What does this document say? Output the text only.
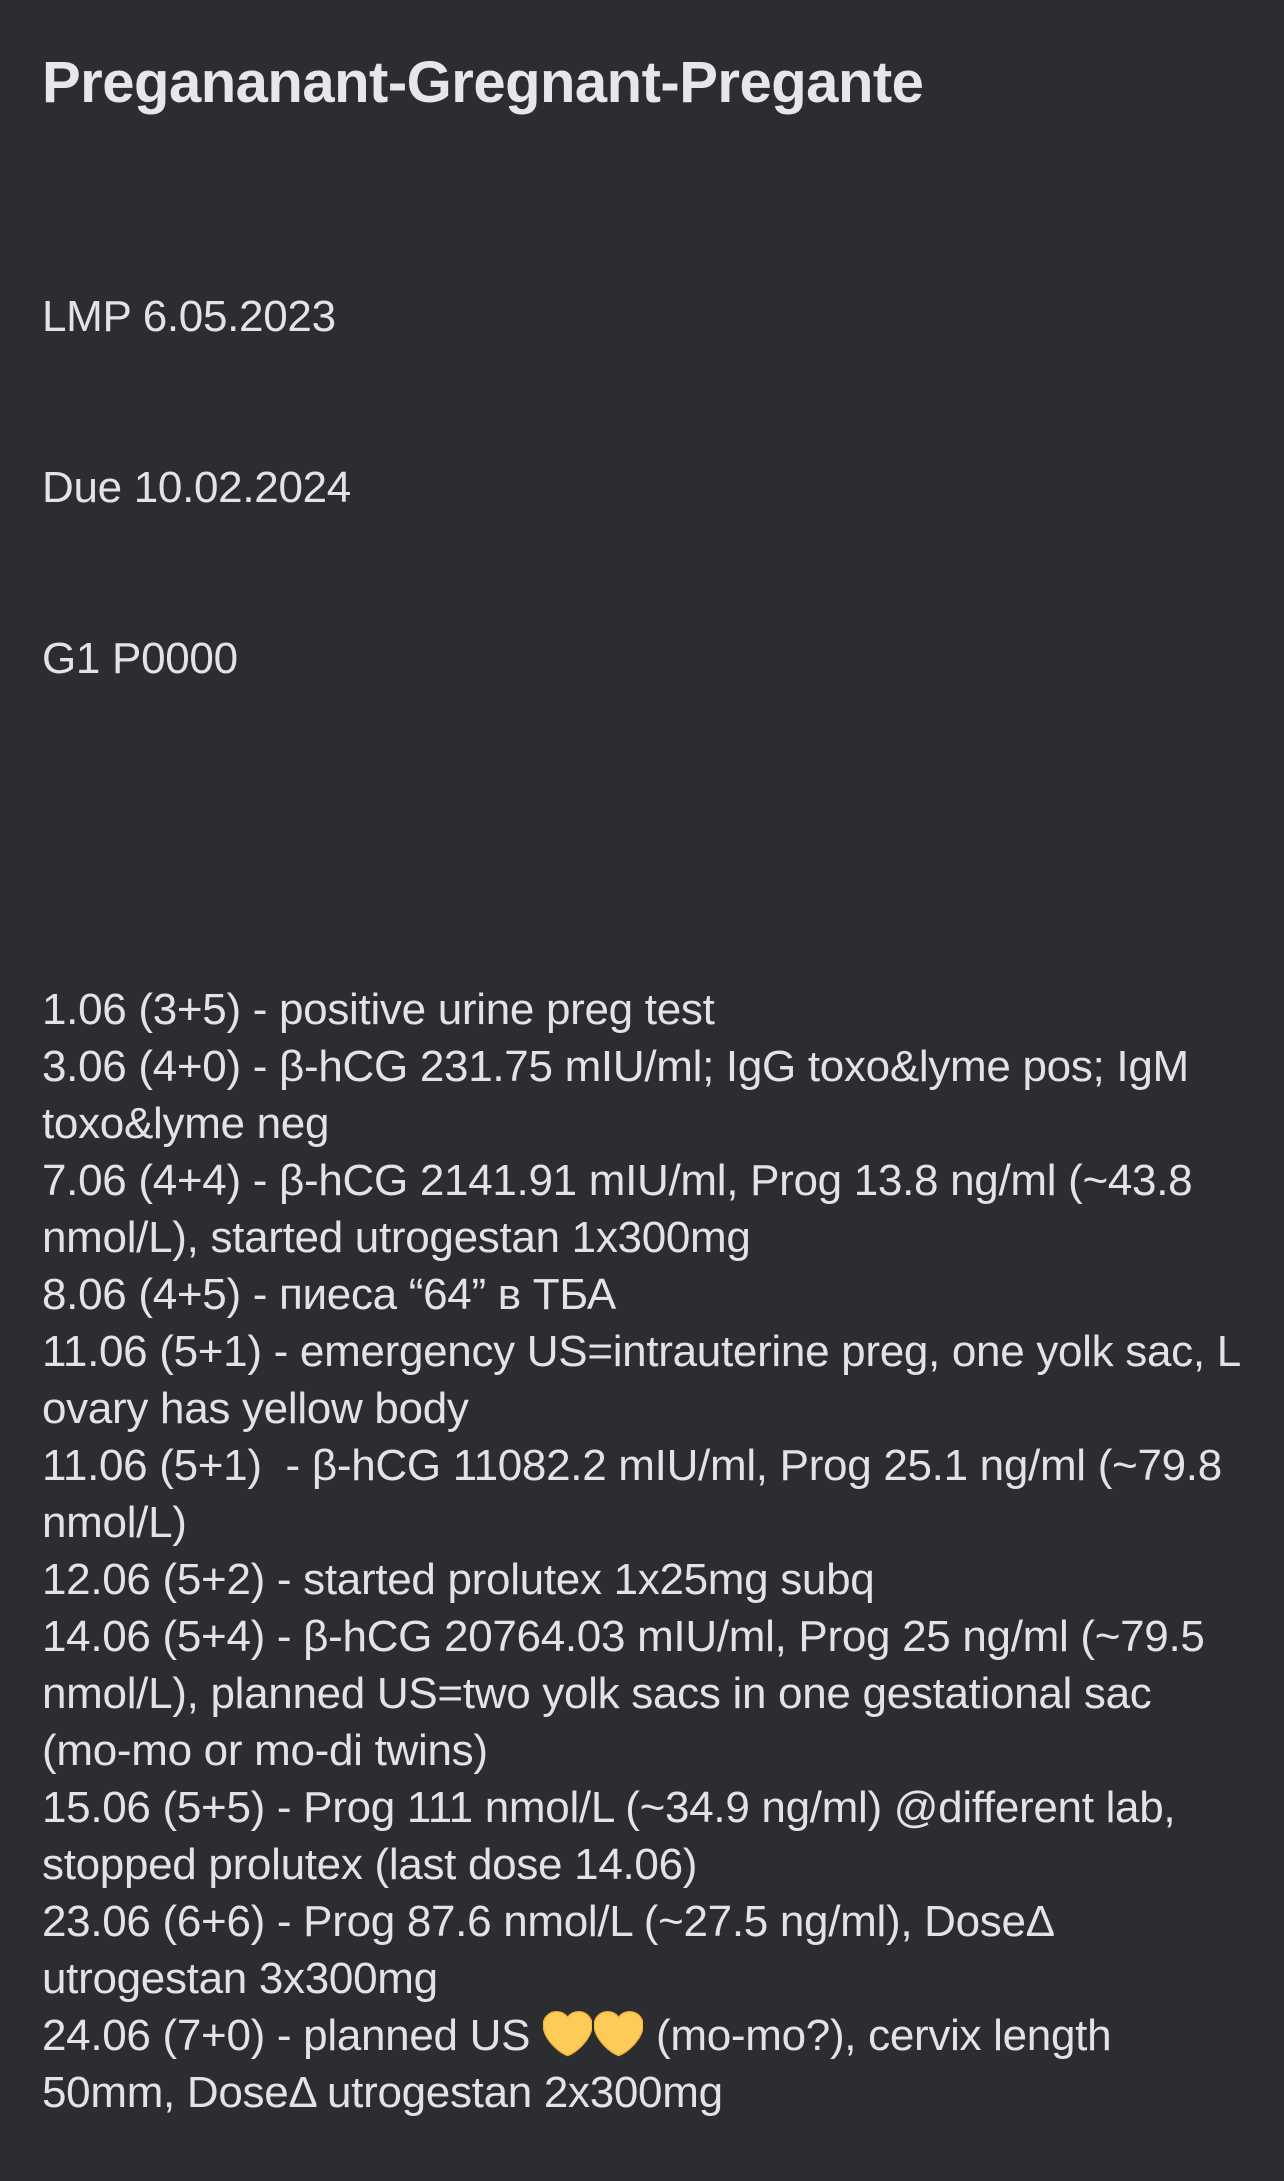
Pregananant-Gregnant-Pregante

LMP 6.05.2023

Due 10.02.2024

G1 P0000

1.06 (3+5) - positive urine preg test
3.06 (4+0) - β-hCG 231.75 mIU/ml; IgG toxo&lyme pos; IgM toxo&lyme neg
7.06 (4+4) - β-hCG 2141.91 mIU/ml, Prog 13.8 ng/ml (~43.8 nmol/L), started utrogestan 1x300mg
8.06 (4+5) - пиеса “64” в ТБА
11.06 (5+1) - emergency US=intrauterine preg, one yolk sac, L ovary has yellow body
11.06 (5+1)  - β-hCG 11082.2 mIU/ml, Prog 25.1 ng/ml (~79.8 nmol/L)
12.06 (5+2) - started prolutex 1x25mg subq
14.06 (5+4) - β-hCG 20764.03 mIU/ml, Prog 25 ng/ml (~79.5 nmol/L), planned US=two yolk sacs in one gestational sac (mo-mo or mo-di twins)
15.06 (5+5) - Prog 111 nmol/L (~34.9 ng/ml) @different lab, stopped prolutex (last dose 14.06)
23.06 (6+6) - Prog 87.6 nmol/L (~27.5 ng/ml), DoseΔ utrogestan 3x300mg
24.06 (7+0) - planned US  (mo-mo?), cervix length 50mm, DoseΔ utrogestan 2x300mg
